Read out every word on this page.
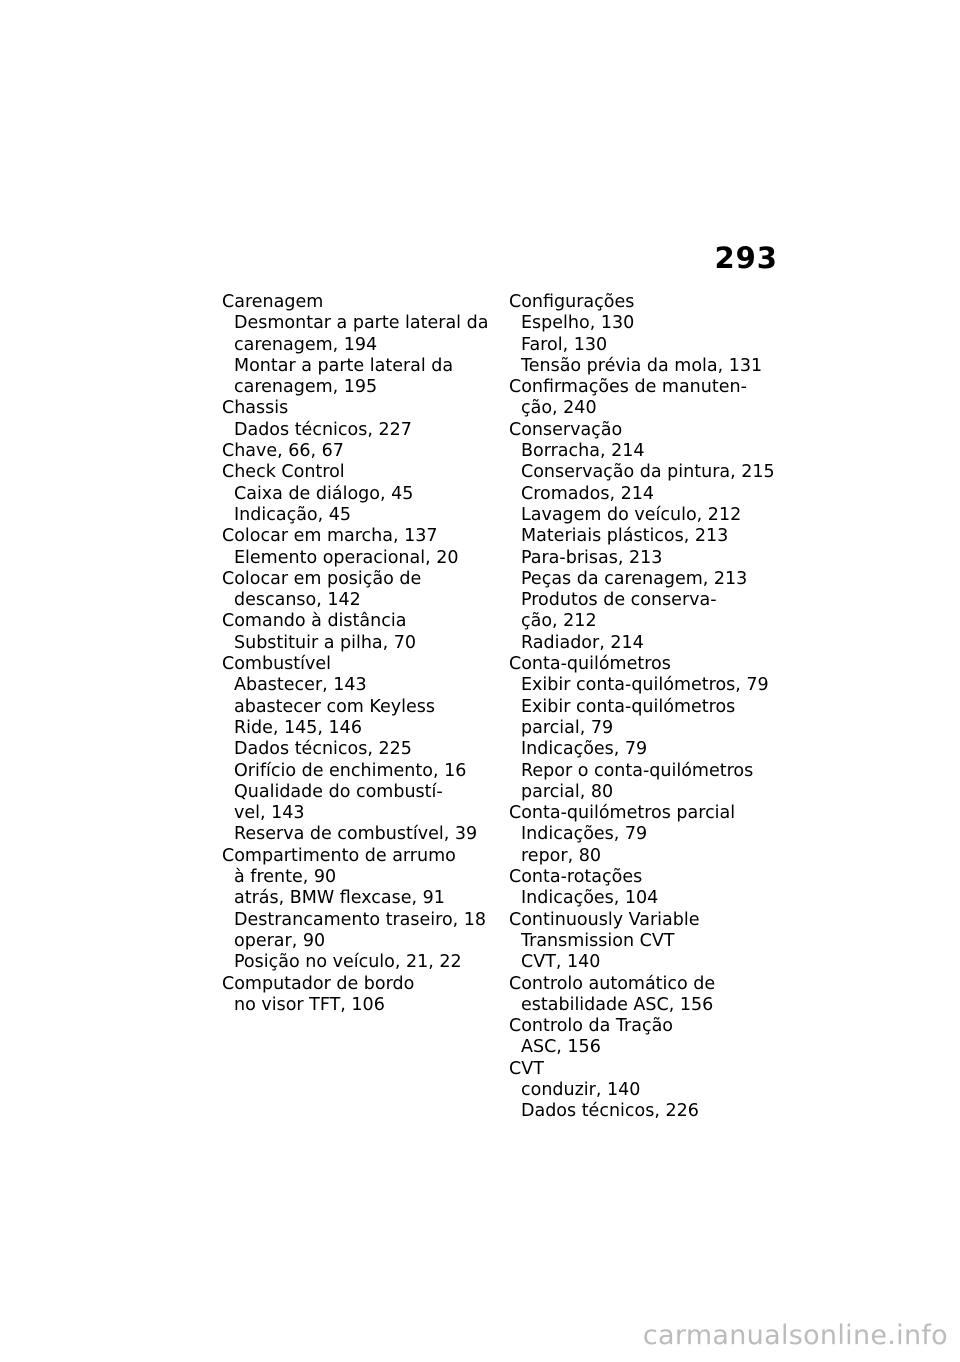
293
Carenagem
Desmontar a parte lateral da
carenagem, 194
Montar a parte lateral da
carenagem, 195
Chassis
Dados técnicos, 227
Chave, 66, 67
Check Control
Caixa de diálogo, 45
Indicação, 45
Colocar em marcha, 137
Elemento operacional, 20
Colocar em posição de
descanso, 142
Comando à distância
Substituir a pilha, 70
Combustível
Abastecer, 143
abastecer com Keyless
Ride, 145, 146
Dados técnicos, 225
Orifício de enchimento, 16
Qualidade do combustí-
vel, 143
Reserva de combustível, 39
Compartimento de arrumo
à frente, 90
atrás, BMW flexcase, 91
Destrancamento traseiro, 18
operar, 90
Posição no veículo, 21, 22
Computador de bordo
no visor TFT, 106
Configurações
Espelho, 130
Farol, 130
Tensão prévia da mola, 131
Confirmações de manuten-
ção, 240
Conservação
Borracha, 214
Conservação da pintura, 215
Cromados, 214
Lavagem do veículo, 212
Materiais plásticos, 213
Para-brisas, 213
Peças da carenagem, 213
Produtos de conserva-
ção, 212
Radiador, 214
Conta-quilómetros
Exibir conta-quilómetros, 79
Exibir conta-quilómetros
parcial, 79
Indicações, 79
Repor o conta-quilómetros
parcial, 80
Conta-quilómetros parcial
Indicações, 79
repor, 80
Conta-rotações
Indicações, 104
Continuously Variable
Transmission CVT
CVT, 140
Controlo automático de
estabilidade ASC, 156
Controlo da Tração
ASC, 156
CVT
conduzir, 140
Dados técnicos, 226
carmanualsonline.info
